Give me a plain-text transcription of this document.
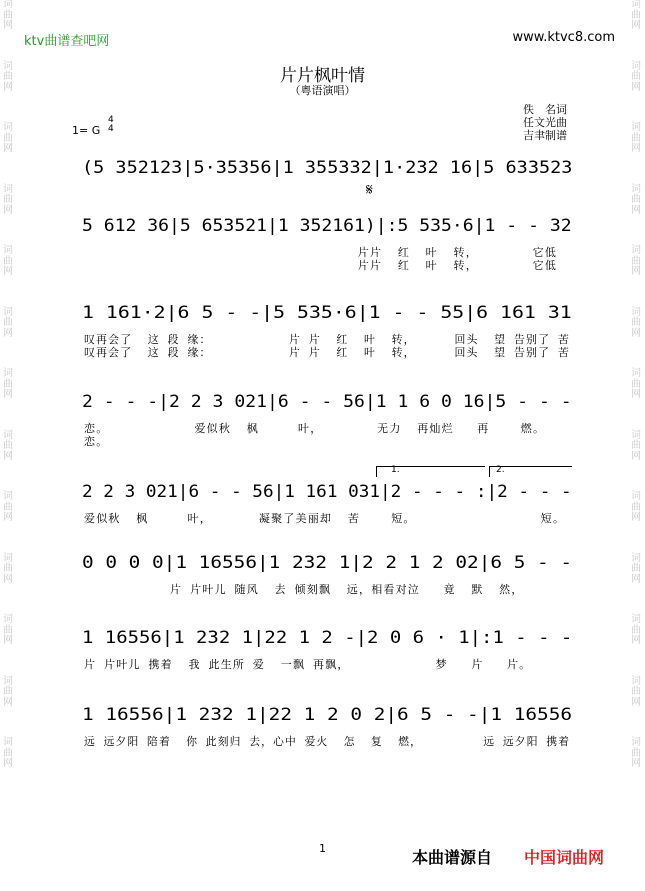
词
曲
网
词
曲
网
词
曲
网
词
曲
网
词
曲
网
词
曲
网
词
曲
网
词
曲
网
词
曲
网
词
曲
网
词
曲
网
词
曲
网
词
曲
网
词
曲
网
词
曲
网
词
曲
网
词
曲
网
词
曲
网
词
曲
网
词
曲
网
词
曲
网
词
曲
网
词
曲
网
词
曲
网
词
曲
网
词
曲
网
ktv曲谱查吧网	www.ktvc8.com
片片枫叶情
（粤语演唱）
佚　名词
任文光曲
吉聿制谱
1= G
4
4
(5 352123|5·35356|1 355332|1·232 16|5 633523
5 612 36|5 653521|1 352161)|:5 535·6|1 - - 32
片片  红  叶  转，       它低
片片  红  叶  转，       它低
1 161·2|6 5 - -|5 535·6|1 - - 55|6 161 31
叹再会了  这 段 缘：          片 片  红  叶  转，     回头  望 告别了 苦
叹再会了  这 段 缘：          片 片  红  叶  转，     回头  望 告别了 苦
2 - - -|2 2 3 021|6 - - 56|1 1 6 0 16|5 - - -
恋。           爱似秋  枫     叶，       无力  再灿烂   再    燃。
恋。
2 2 3 021|6 - - 56|1 161 031|2 - - - :|2 - - -
爱似秋  枫     叶，      凝聚了美丽却  苦    短。                短。
0 0 0 0|1 16556|1 232 1|2 2 1 2 02|6 5 - -
片 片叶儿 随风  去 倾刻飘  远，相看对泣   竟  默  然，
1 16556|1 232 1|22 1 2 -|2 0 6 · 1|:1 - - -
片 片叶儿 携着  我 此生所 爱  一飘 再飘，           梦   片   片。
1 16556|1 232 1|22 1 2 0 2|6 5 - -|1 16556
远 远夕阳 陪着  你 此刻归 去，心中 爱火  怎  复  燃，        远 远夕阳 携着
𝄋
1.	2.
1	本曲谱源自 中国词曲网
